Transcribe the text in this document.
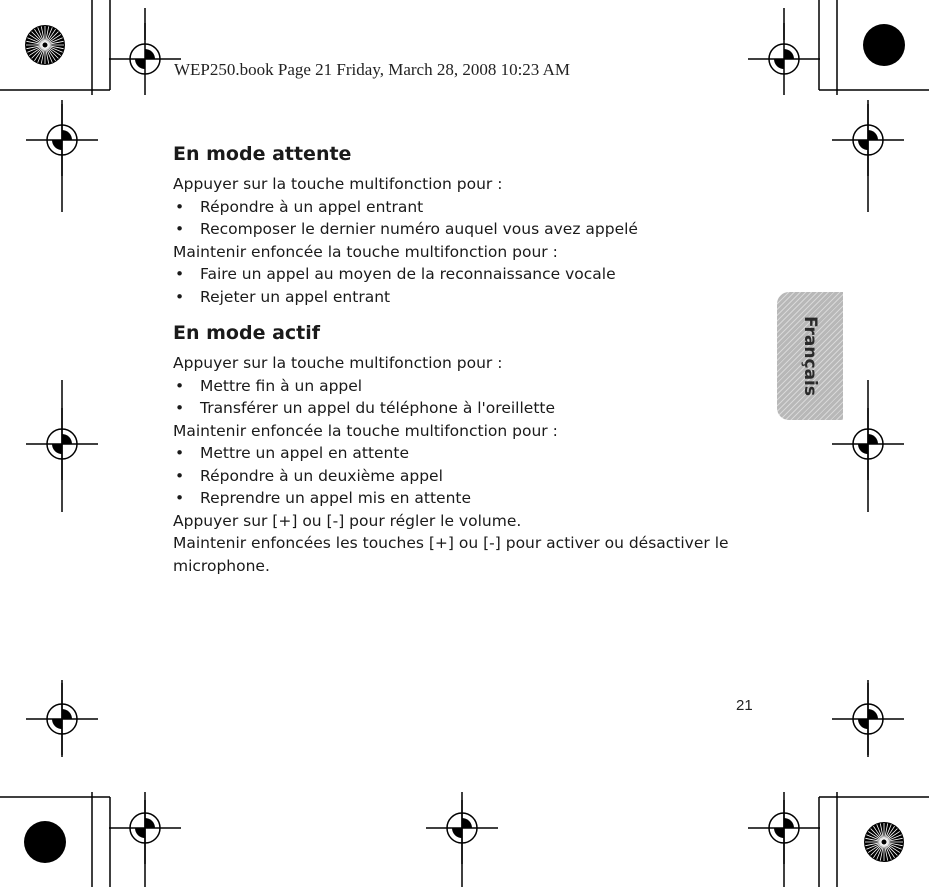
WEP250.book Page 21 Friday, March 28, 2008 10:23 AM
En mode attente

Appuyer sur la touche multifonction pour :

• Répondre à un appel entrant
• Recomposer le dernier numéro auquel vous avez appelé

Maintenir enfoncée la touche multifonction pour :

• Faire un appel au moyen de la reconnaissance vocale
• Rejeter un appel entrant
En mode actif

Appuyer sur la touche multifonction pour :

• Mettre fin à un appel
• Transférer un appel du téléphone à l'oreillette

Maintenir enfoncée la touche multifonction pour :

• Mettre un appel en attente
• Répondre à un deuxième appel
• Reprendre un appel mis en attente

Appuyer sur [+] ou [-] pour régler le volume.

Maintenir enfoncées les touches [+] ou [-] pour activer ou désactiver le microphone.

Français
21
